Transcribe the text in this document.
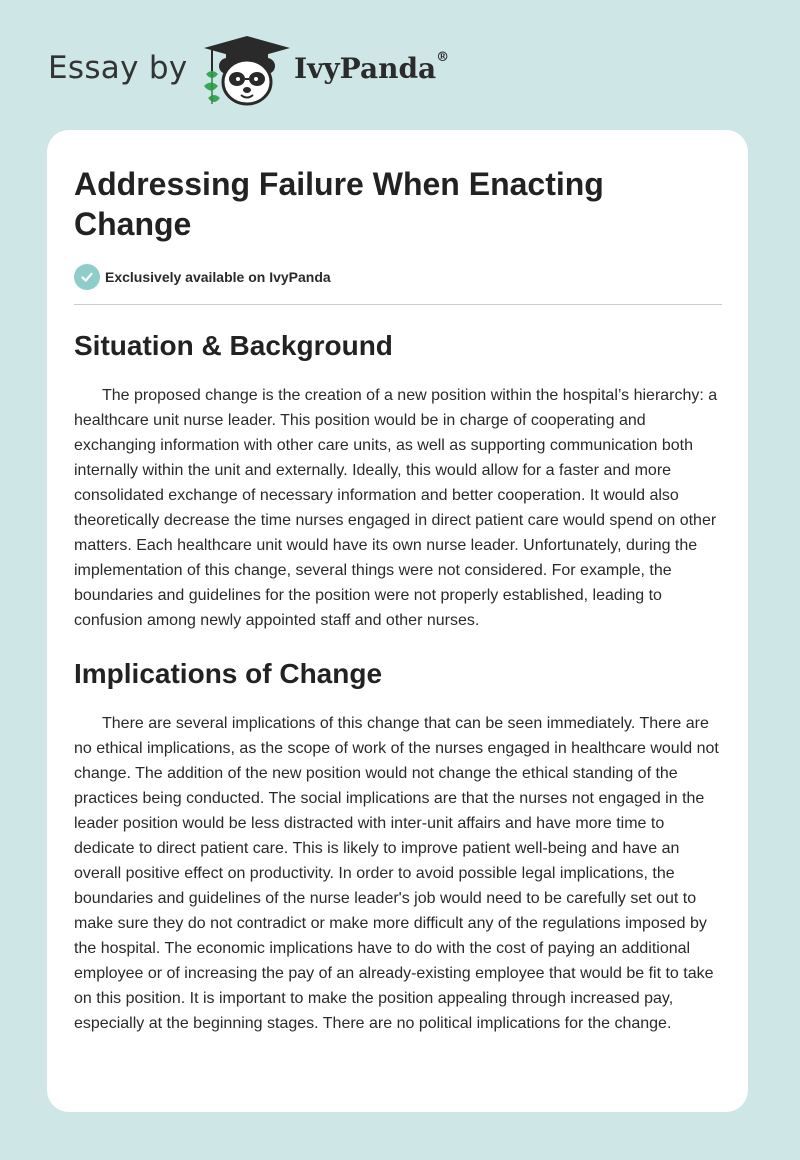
Essay by	IvyPanda®
Addressing Failure When Enacting Change
Exclusively available on IvyPanda
Situation & Background

The proposed change is the creation of a new position within the hospital’s hierarchy: a healthcare unit nurse leader. This position would be in charge of cooperating and exchanging information with other care units, as well as supporting communication both internally within the unit and externally. Ideally, this would allow for a faster and more consolidated exchange of necessary information and better cooperation. It would also theoretically decrease the time nurses engaged in direct patient care would spend on other matters. Each healthcare unit would have its own nurse leader. Unfortunately, during the implementation of this change, several things were not considered. For example, the boundaries and guidelines for the position were not properly established, leading to confusion among newly appointed staff and other nurses.

Implications of Change

There are several implications of this change that can be seen immediately. There are no ethical implications, as the scope of work of the nurses engaged in healthcare would not change. The addition of the new position would not change the ethical standing of the practices being conducted. The social implications are that the nurses not engaged in the leader position would be less distracted with inter-unit affairs and have more time to dedicate to direct patient care. This is likely to improve patient well-being and have an overall positive effect on productivity. In order to avoid possible legal implications, the boundaries and guidelines of the nurse leader's job would need to be carefully set out to make sure they do not contradict or make more difficult any of the regulations imposed by the hospital. The economic implications have to do with the cost of paying an additional employee or of increasing the pay of an already-existing employee that would be fit to take on this position. It is important to make the position appealing through increased pay, especially at the beginning stages. There are no political implications for the change.
